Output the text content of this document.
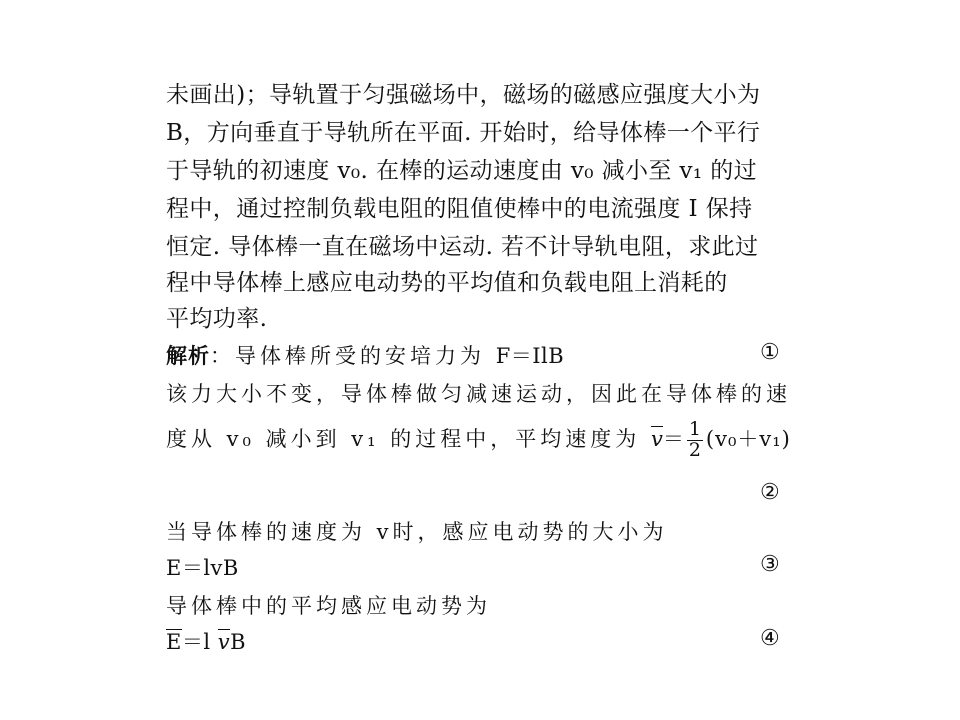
未画出)；导轨置于匀强磁场中，磁场的磁感应强度大小为
B，方向垂直于导轨所在平面. 开始时，给导体棒一个平行
于导轨的初速度 v₀. 在棒的运动速度由 v₀ 减小至 v₁ 的过
程中，通过控制负载电阻的阻值使棒中的电流强度 I 保持
恒定. 导体棒一直在磁场中运动. 若不计导轨电阻，求此过
程中导体棒上感应电动势的平均值和负载电阻上消耗的
平均功率.
解析：导体棒所受的安培力为 F＝IlB	①
该力大小不变，导体棒做匀减速运动，因此在导体棒的速
度从 v₀ 减小到 v₁ 的过程中，平均速度为 $v= \frac{1}{2} (v_0+v_1)$
②
当导体棒的速度为 v时，感应电动势的大小为
E＝lvB	③
导体棒中的平均感应电动势为
E＝l vB	④
